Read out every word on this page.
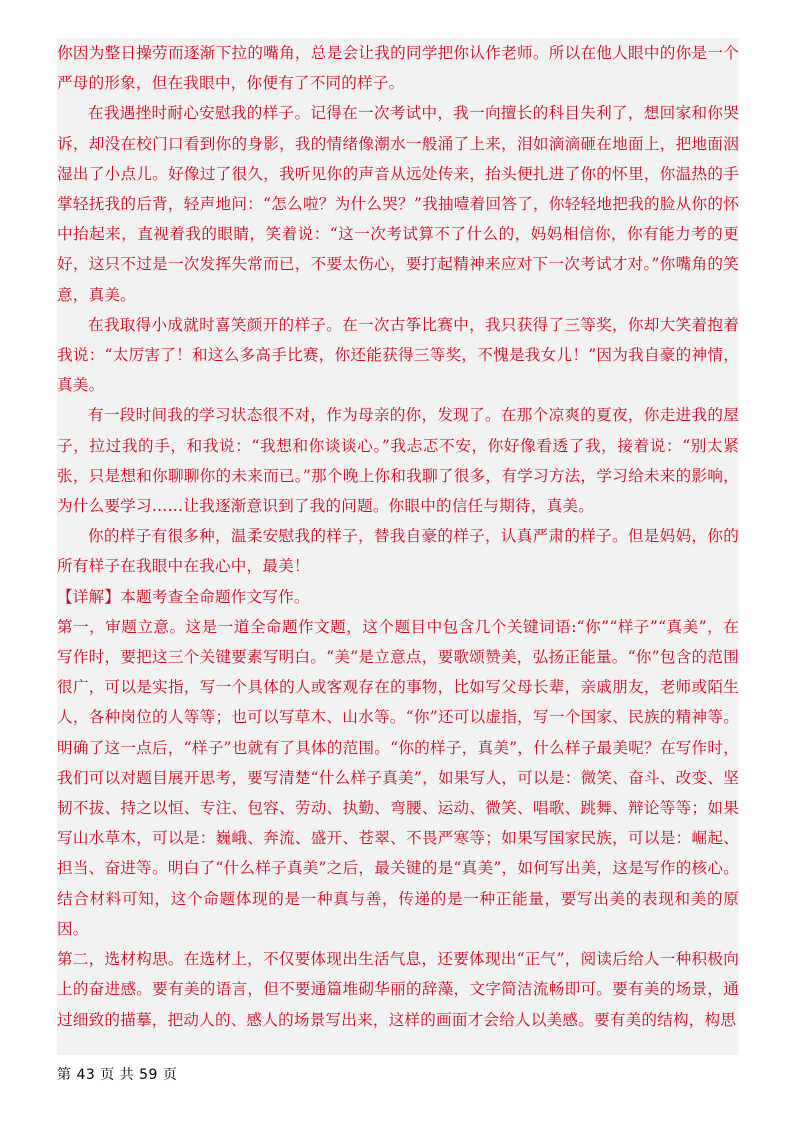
你因为整日操劳而逐渐下拉的嘴角，总是会让我的同学把你认作老师。所以在他人眼中的你是一个严母的形象，但在我眼中，你便有了不同的样子。

在我遇挫时耐心安慰我的样子。记得在一次考试中，我一向擅长的科目失利了，想回家和你哭诉，却没在校门口看到你的身影，我的情绪像潮水一般涌了上来，泪如滴滴砸在地面上，把地面洇湿出了小点儿。好像过了很久，我听见你的声音从远处传来，抬头便扎进了你的怀里，你温热的手掌轻抚我的后背，轻声地问：“怎么啦？为什么哭？”我抽噎着回答了，你轻轻地把我的脸从你的怀中抬起来，直视着我的眼睛，笑着说：“这一次考试算不了什么的，妈妈相信你，你有能力考的更好，这只不过是一次发挥失常而已，不要太伤心，要打起精神来应对下一次考试才对。”你嘴角的笑意，真美。

在我取得小成就时喜笑颜开的样子。在一次古筝比赛中，我只获得了三等奖，你却大笑着抱着我说：“太厉害了！和这么多高手比赛，你还能获得三等奖，不愧是我女儿！”因为我自豪的神情，真美。

有一段时间我的学习状态很不对，作为母亲的你，发现了。在那个凉爽的夏夜，你走进我的屋子，拉过我的手，和我说：“我想和你谈谈心。”我忐忑不安，你好像看透了我，接着说：“别太紧张，只是想和你聊聊你的未来而已。”那个晚上你和我聊了很多，有学习方法，学习给未来的影响，为什么要学习……让我逐渐意识到了我的问题。你眼中的信任与期待，真美。

你的样子有很多种，温柔安慰我的样子，替我自豪的样子，认真严肃的样子。但是妈妈，你的所有样子在我眼中在我心中，最美！

【详解】本题考查全命题作文写作。

第一，审题立意。这是一道全命题作文题，这个题目中包含几个关键词语:“你”“样子”“真美”，在写作时，要把这三个关键要素写明白。“美”是立意点，要歌颂赞美，弘扬正能量。“你”包含的范围很广，可以是实指，写一个具体的人或客观存在的事物，比如写父母长辈，亲戚朋友，老师或陌生人，各种岗位的人等等；也可以写草木、山水等。“你”还可以虚指，写一个国家、民族的精神等。明确了这一点后，“样子”也就有了具体的范围。“你的样子，真美”，什么样子最美呢？在写作时，我们可以对题目展开思考，要写清楚“什么样子真美”，如果写人，可以是：微笑、奋斗、改变、坚韧不拔、持之以恒、专注、包容、劳动、执勤、弯腰、运动、微笑、唱歌、跳舞、辩论等等；如果写山水草木，可以是：巍峨、奔流、盛开、苍翠、不畏严寒等；如果写国家民族，可以是：崛起、担当、奋进等。明白了“什么样子真美”之后，最关键的是“真美”，如何写出美，这是写作的核心。结合材料可知，这个命题体现的是一种真与善，传递的是一种正能量，要写出美的表现和美的原因。

第二，选材构思。在选材上，不仅要体现出生活气息，还要体现出“正气”，阅读后给人一种积极向上的奋进感。要有美的语言，但不要通篇堆砌华丽的辞藻，文字简洁流畅即可。要有美的场景，通过细致的描摹，把动人的、感人的场景写出来，这样的画面才会给人以美感。要有美的结构，构思

第 43 页 共 59 页
